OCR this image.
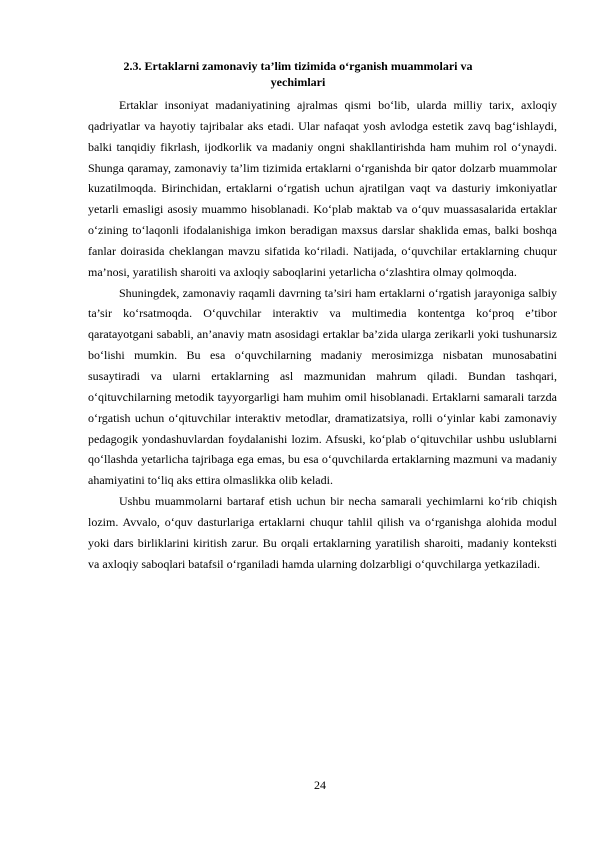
2.3. Ertaklarni zamonaviy ta’lim tizimida o‘rganish muammolari va yechimlari

Ertaklar insoniyat madaniyatining ajralmas qismi bo‘lib, ularda milliy tarix, axloqiy qadriyatlar va hayotiy tajribalar aks etadi. Ular nafaqat yosh avlodga estetik zavq bag‘ishlaydi, balki tanqidiy fikrlash, ijodkorlik va madaniy ongni shakllantirishda ham muhim rol o‘ynaydi. Shunga qaramay, zamonaviy ta’lim tizimida ertaklarni o‘rganishda bir qator dolzarb muammolar kuzatilmoqda. Birinchidan, ertaklarni o‘rgatish uchun ajratilgan vaqt va dasturiy imkoniyatlar yetarli emasligi asosiy muammo hisoblanadi. Ko‘plab maktab va o‘quv muassasalarida ertaklar o‘zining to‘laqonli ifodalanishiga imkon beradigan maxsus darslar shaklida emas, balki boshqa fanlar doirasida cheklangan mavzu sifatida ko‘riladi. Natijada, o‘quvchilar ertaklarning chuqur ma’nosi, yaratilish sharoiti va axloqiy saboqlarini yetarlicha o‘zlashtira olmay qolmoqda.

Shuningdek, zamonaviy raqamli davrning ta’siri ham ertaklarni o‘rgatish jarayoniga salbiy ta’sir ko‘rsatmoqda. O‘quvchilar interaktiv va multimedia kontentga ko‘proq e’tibor qaratayotgani sababli, an’anaviy matn asosidagi ertaklar ba’zida ularga zerikarli yoki tushunarsiz bo‘lishi mumkin. Bu esa o‘quvchilarning madaniy merosimizga nisbatan munosabatini susaytiradi va ularni ertaklarning asl mazmunidan mahrum qiladi. Bundan tashqari, o‘qituvchilarning metodik tayyorgarligi ham muhim omil hisoblanadi. Ertaklarni samarali tarzda o‘rgatish uchun o‘qituvchilar interaktiv metodlar, dramatizatsiya, rolli o‘yinlar kabi zamonaviy pedagogik yondashuvlardan foydalanishi lozim. Afsuski, ko‘plab o‘qituvchilar ushbu uslublarni qo‘llashda yetarlicha tajribaga ega emas, bu esa o‘quvchilarda ertaklarning mazmuni va madaniy ahamiyatini to‘liq aks ettira olmaslikka olib keladi.

Ushbu muammolarni bartaraf etish uchun bir necha samarali yechimlarni ko‘rib chiqish lozim. Avvalo, o‘quv dasturlariga ertaklarni chuqur tahlil qilish va o‘rganishga alohida modul yoki dars birliklarini kiritish zarur. Bu orqali ertaklarning yaratilish sharoiti, madaniy konteksti va axloqiy saboqlari batafsil o‘rganiladi hamda ularning dolzarbligi o‘quvchilarga yetkaziladi.

24
